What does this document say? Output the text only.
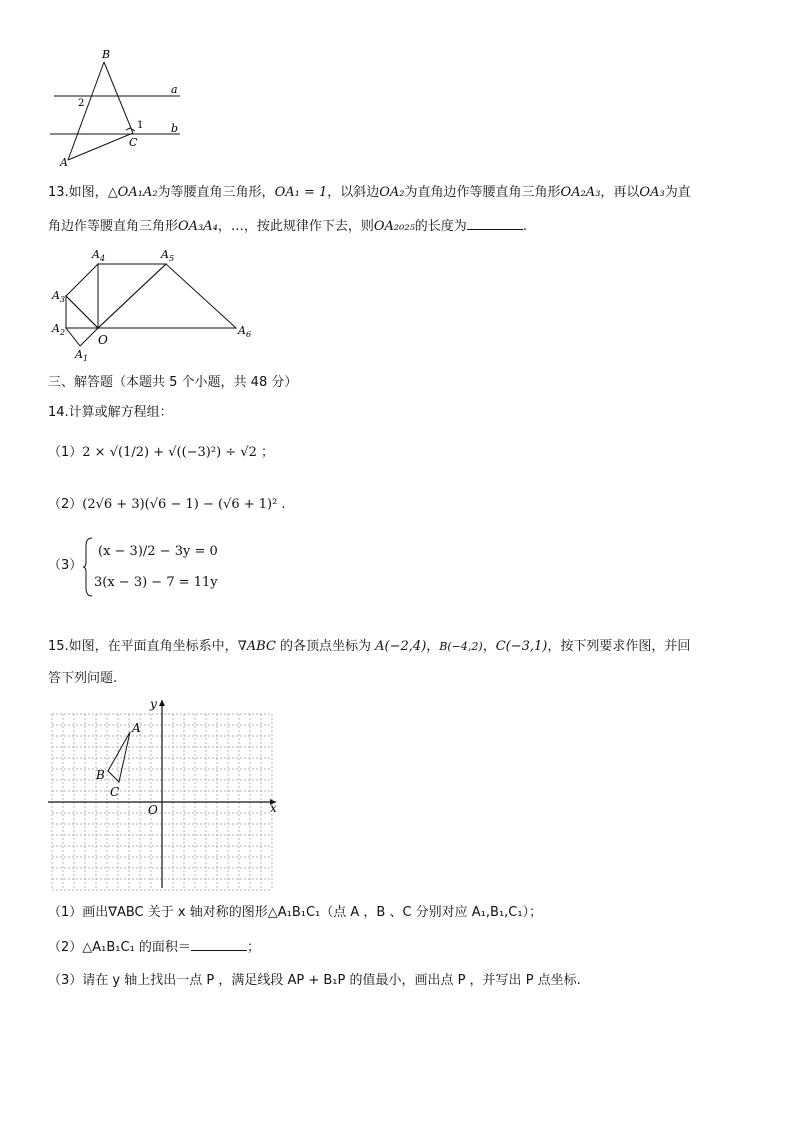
B
a
b
2
1
C
A
13.如图，△OA₁A₂为等腰直角三角形，OA₁ = 1，以斜边OA₂为直角边作等腰直角三角形OA₂A₃，再以OA₃为直
角边作等腰直角三角形OA₃A₄，…，按此规律作下去，则OA₂₀₂₅的长度为	.
$A_4$	$A_5$
$A_3$
$A_2$
$A_1$
O
$A_6$
三、解答题（本题共 5 个小题，共 48 分）
14.计算或解方程组：
（1）2 × √(1/2) + √((−3)²) ÷ √2 ；
（2）(2√6 + 3)(√6 − 1) − (√6 + 1)² .
（3）
(x − 3)/2 − 3y = 0
3(x − 3) − 7 = 11y
15.如图，在平面直角坐标系中，∇ABC 的各顶点坐标为 A(−2,4)，B(−4,2)，C(−3,1)，按下列要求作图，并回
答下列问题.
y
x
O
A
B
C
（1）画出∇ABC 关于 x 轴对称的图形△A₁B₁C₁（点 A ，B 、C 分别对应 A₁,B₁,C₁）；
（2）△A₁B₁C₁ 的面积＝	；
（3）请在 y 轴上找出一点 P ，满足线段 AP + B₁P 的值最小，画出点 P ，并写出 P 点坐标.
